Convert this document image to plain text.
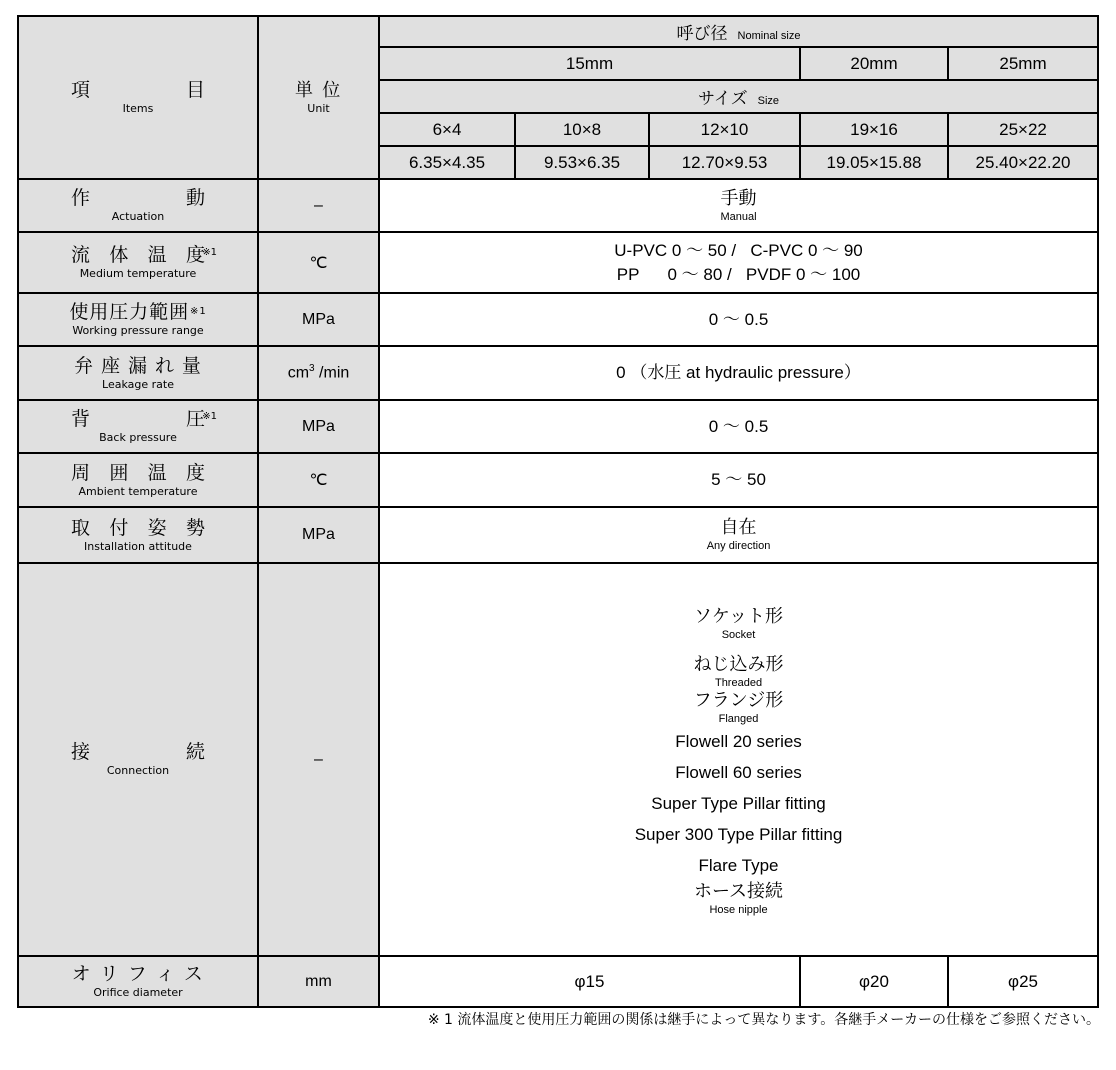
項	目
Items

単 位
Unit
	呼び径 Nominal size
		15mm			20mm	25mm
		サイズ Size				
		6×4	10×8	12×10	19×16	25×22
		6.35×4.35	9.53×6.35	12.70×9.53	19.05×15.88	25.40×22.20

作	動
Actuation
	–	手動
Manual

流 体 温 度
※1
Medium temperature
	℃	
U-PVC 0 〜 50 /   C-PVC 0 〜 90
PP      0 〜 80 /   PVDF 0 〜 100

使用圧力範囲 ※1
Working pressure range	MPa	0 〜 0.5				

弁 座 漏 れ 量
Leakage rate	$cm^3$ /min	0 （水圧 at hydraulic pressure）				

背 圧
※1
Back pressure	MPa	0 〜 0.5				

周 囲 温 度
Ambient temperature	℃	5 〜 50				

取 付 姿 勢
Installation attitude
	MPa	自在
Any direction

接	続
Connection
	–	
ソケット形
Socket
ねじ込み形
Threaded
フランジ形
Flanged
Flowell 20 series
Flowell 60 series
Super Type Pillar fitting
Super 300 Type Pillar fitting
Flare Type
ホース接続
Hose nipple

オ リ フ ィ ス
Orifice diameter	mm	φ15			φ20	φ25
※ 1 流体温度と使用圧力範囲の関係は継手によって異なります。各継手メーカーの仕様をご参照ください。
